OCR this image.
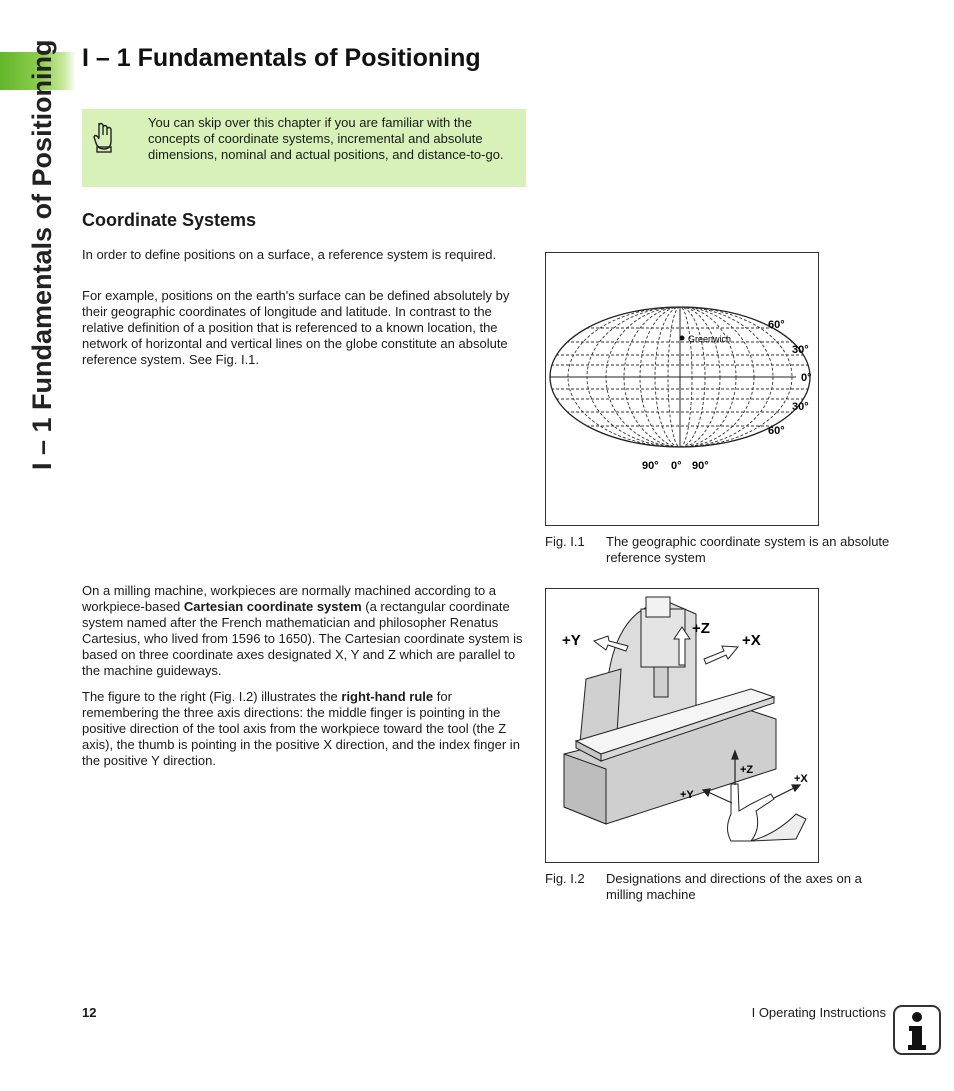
I – 1 Fundamentals of Positioning I – 1 Fundamentals of Positioning
You can skip over this chapter if you are familiar with the concepts of coordinate systems, incremental and absolute dimensions, nominal and actual positions, and distance-to-go.
Coordinate Systems

In order to define positions on a surface, a reference system is required.

For example, positions on the earth's surface can be defined absolutely by their geographic coordinates of longitude and latitude. In contrast to the relative definition of a position that is referenced to a known location, the network of horizontal and vertical lines on the globe constitute an absolute reference system. See Fig. I.1.

On a milling machine, workpieces are normally machined according to a workpiece-based Cartesian coordinate system (a rectangular coordinate system named after the French mathematician and philosopher Renatus Cartesius, who lived from 1596 to 1650). The Cartesian coordinate system is based on three coordinate axes designated X, Y and Z which are parallel to the machine guideways.

The figure to the right (Fig. I.2) illustrates the right-hand rule for remembering the three axis directions: the middle finger is pointing in the positive direction of the tool axis from the workpiece toward the tool (the Z axis), the thumb is pointing in the positive X direction, and the index finger in the positive Y direction.

Greenwich
60°
30°
0°
30°
60°
90° 0° 90°
Fig. I.1 The geographic coordinate system is an absolute reference system
+Y
+Z
+X
+Z
+X
+Y
Fig. I.2 Designations and directions of the axes on a milling machine
12	I Operating Instructions
